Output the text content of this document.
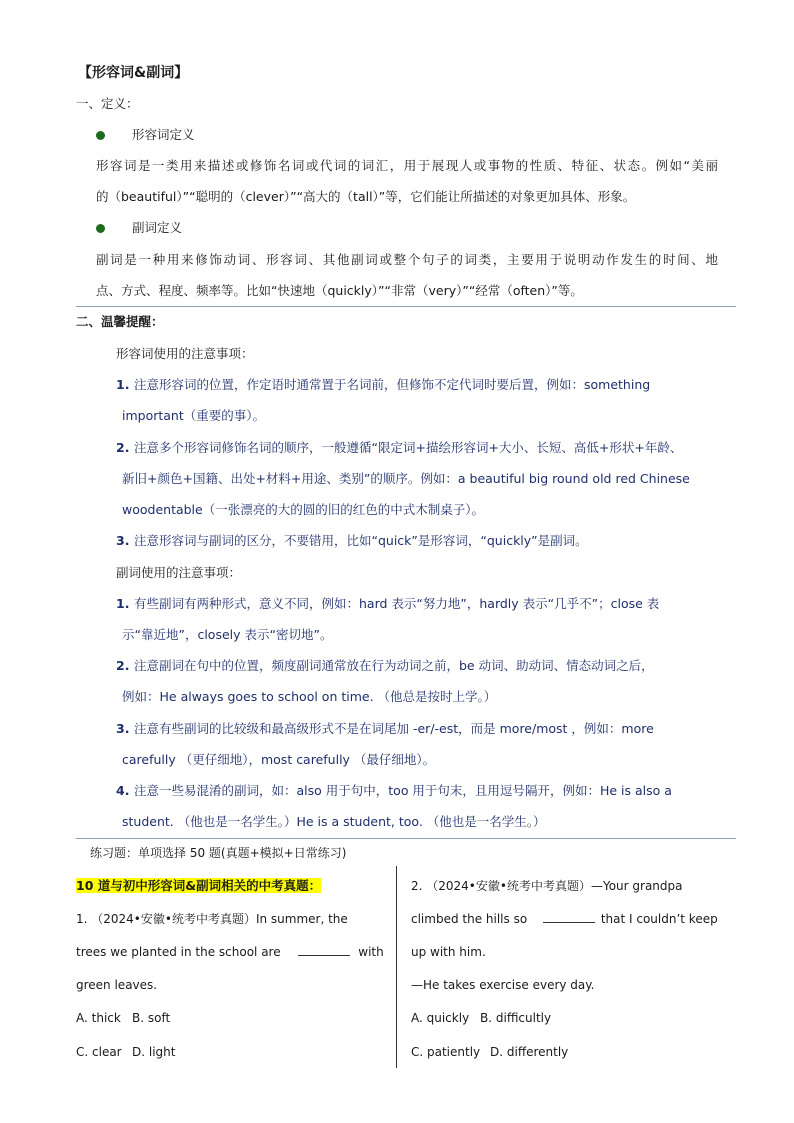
【形容词&副词】
一、定义：
形容词定义
形容词是一类用来描述或修饰名词或代词的词汇，用于展现人或事物的性质、特征、状态。例如“美丽
的（beautiful）”“聪明的（clever）”“高大的（tall）”等，它们能让所描述的对象更加具体、形象。
副词定义
副词是一种用来修饰动词、形容词、其他副词或整个句子的词类，主要用于说明动作发生的时间、地
点、方式、程度、频率等。比如“快速地（quickly）”“非常（very）”“经常（often）”等。
二、温馨提醒：
形容词使用的注意事项：
1. 注意形容词的位置，作定语时通常置于名词前，但修饰不定代词时要后置，例如：something
important（重要的事）。
2. 注意多个形容词修饰名词的顺序，一般遵循“限定词+描绘形容词+大小、长短、高低+形状+年龄、
新旧+颜色+国籍、出处+材料+用途、类别”的顺序。例如：a beautiful big round old red Chinese
woodentable（一张漂亮的大的圆的旧的红色的中式木制桌子）。
3. 注意形容词与副词的区分，不要错用，比如“quick”是形容词，“quickly”是副词。
副词使用的注意事项：
1. 有些副词有两种形式，意义不同，例如：hard 表示“努力地”，hardly 表示“几乎不”；close 表
示“靠近地”，closely 表示“密切地”。
2. 注意副词在句中的位置，频度副词通常放在行为动词之前，be 动词、助动词、情态动词之后，
例如：He always goes to school on time. （他总是按时上学。）
3. 注意有些副词的比较级和最高级形式不是在词尾加 -er/-est，而是 more/most ，例如：more
carefully （更仔细地），most carefully （最仔细地）。
4. 注意一些易混淆的副词，如：also 用于句中，too 用于句末，且用逗号隔开，例如：He is also a
student. （他也是一名学生。）He is a student, too. （他也是一名学生。）
练习题：单项选择 50 题(真题+模拟+日常练习)
10 道与初中形容词&副词相关的中考真题：
1. （2024•安徽•统考中考真题）In summer, the
trees we planted in the school are	with
green leaves.
A. thick B. soft
C. clear D. light
2. （2024•安徽•统考中考真题）—Your grandpa
climbed the hills so	that I couldn’t keep
up with him.
—He takes exercise every day.
A. quickly B. difficultly
C. patiently D. differently
